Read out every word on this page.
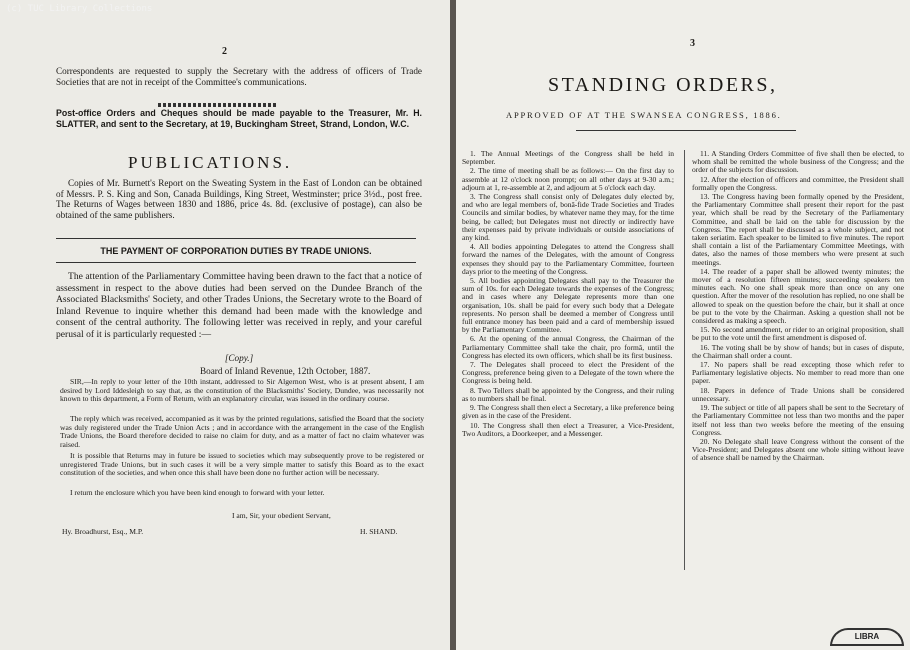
(c) TUC Library Collections
2

Correspondents are requested to supply the Secretary with the address of officers of Trade Societies that are not in receipt of the Committee's communications.

Post-office Orders and Cheques should be made payable to the Treasurer, Mr. H. SLATTER, and sent to the Secretary, at 19, Buckingham Street, Strand, London, W.C.

PUBLICATIONS.

Copies of Mr. Burnett's Report on the Sweating System in the East of London can be obtained of Messrs. P. S. King and Son, Canada Buildings, King Street, Westminster; price 3½d., post free. The Returns of Wages between 1830 and 1886, price 4s. 8d. (exclusive of postage), can also be obtained of the same publishers.

THE PAYMENT OF CORPORATION DUTIES BY TRADE UNIONS.

The attention of the Parliamentary Committee having been drawn to the fact that a notice of assessment in respect to the above duties had been served on the Dundee Branch of the Associated Blacksmiths' Society, and other Trades Unions, the Secretary wrote to the Board of Inland Revenue to inquire whether this demand had been made with the knowledge and consent of the central authority. The following letter was received in reply, and your careful perusal of it is particularly requested :—

[Copy.]
Board of Inland Revenue, 12th October, 1887.

SIR,—In reply to your letter of the 10th instant, addressed to Sir Algernon West, who is at present absent, I am desired by Lord Iddesleigh to say that, as the constitution of the Blacksmiths' Society, Dundee, was necessarily not known to this department, a Form of Return, with an explanatory circular, was issued in the ordinary course.

The reply which was received, accompanied as it was by the printed regulations, satisfied the Board that the society was duly registered under the Trade Union Acts ; and in accordance with the arrangement in the case of the English Trade Unions, the Board therefore decided to raise no claim for duty, and as a matter of fact no claim whatever was raised.

It is possible that Returns may in future be issued to societies which may subsequently prove to be registered or unregistered Trade Unions, but in such cases it will be a very simple matter to satisfy this Board as to the exact constitution of the societies, and when once this shall have been done no further action will be necessary.

I return the enclosure which you have been kind enough to forward with your letter.

I am, Sir, your obedient Servant,
Hy. Broadhurst, Esq., M.P.	H. SHAND.
3
STANDING ORDERS,
APPROVED OF AT THE SWANSEA CONGRESS, 1886.

1. The Annual Meetings of the Congress shall be held in September.

2. The time of meeting shall be as follows:— On the first day to assemble at 12 o'clock noon prompt; on all other days at 9-30 a.m.; adjourn at 1, re-assemble at 2, and adjourn at 5 o'clock each day.

3. The Congress shall consist only of Delegates duly elected by, and who are legal members of, bonâ-fide Trade Societies and Trades Councils and similar bodies, by whatever name they may, for the time being, be called; but Delegates must not directly or indirectly have their expenses paid by private individuals or outside associations of any kind.

4. All bodies appointing Delegates to attend the Congress shall forward the names of the Delegates, with the amount of Congress expenses they should pay to the Parliamentary Committee, fourteen days prior to the meeting of the Congress.

5. All bodies appointing Delegates shall pay to the Treasurer the sum of 10s. for each Delegate towards the expenses of the Congress; and in cases where any Delegate represents more than one organisation, 10s. shall be paid for every such body that a Delegate represents. No person shall be deemed a member of Congress until full entrance money has been paid and a card of membership issued by the Parliamentary Committee.

6. At the opening of the annual Congress, the Chairman of the Parliamentary Committee shall take the chair, pro formâ, until the Congress has elected its own officers, which shall be its first business.

7. The Delegates shall proceed to elect the President of the Congress, preference being given to a Delegate of the town where the Congress is being held.

8. Two Tellers shall be appointed by the Congress, and their ruling as to numbers shall be final.

9. The Congress shall then elect a Secretary, a like preference being given as in the case of the President.

10. The Congress shall then elect a Treasurer, a Vice-President, Two Auditors, a Doorkeeper, and a Messenger.

11. A Standing Orders Committee of five shall then be elected, to whom shall be remitted the whole business of the Congress; and the order of the subjects for discussion.

12. After the election of officers and committee, the President shall formally open the Congress.

13. The Congress having been formally opened by the President, the Parliamentary Committee shall present their report for the past year, which shall be read by the Secretary of the Parliamentary Committee, and shall be laid on the table for discussion by the Congress. The report shall be discussed as a whole subject, and not taken seriatim. Each speaker to be limited to five minutes. The report shall contain a list of the Parliamentary Committee Meetings, with dates, also the names of those members who were present at such meetings.

14. The reader of a paper shall be allowed twenty minutes; the mover of a resolution fifteen minutes; succeeding speakers ten minutes each. No one shall speak more than once on any one question. After the mover of the resolution has replied, no one shall be allowed to speak on the question before the chair, but it shall at once be put to the vote by the Chairman. Asking a question shall not be considered as making a speech.

15. No second amendment, or rider to an original proposition, shall be put to the vote until the first amendment is disposed of.

16. The voting shall be by show of hands; but in cases of dispute, the Chairman shall order a count.

17. No papers shall be read excepting those which refer to Parliamentary legislative objects. No member to read more than one paper.

18. Papers in defence of Trade Unions shall be considered unnecessary.

19. The subject or title of all papers shall be sent to the Secretary of the Parliamentary Committee not less than two months and the paper itself not less than two weeks before the meeting of the ensuing Congress.

20. No Delegate shall leave Congress without the consent of the Vice-President; and Delegates absent one whole sitting without leave of absence shall be named by the Chairman.

LIBRA
